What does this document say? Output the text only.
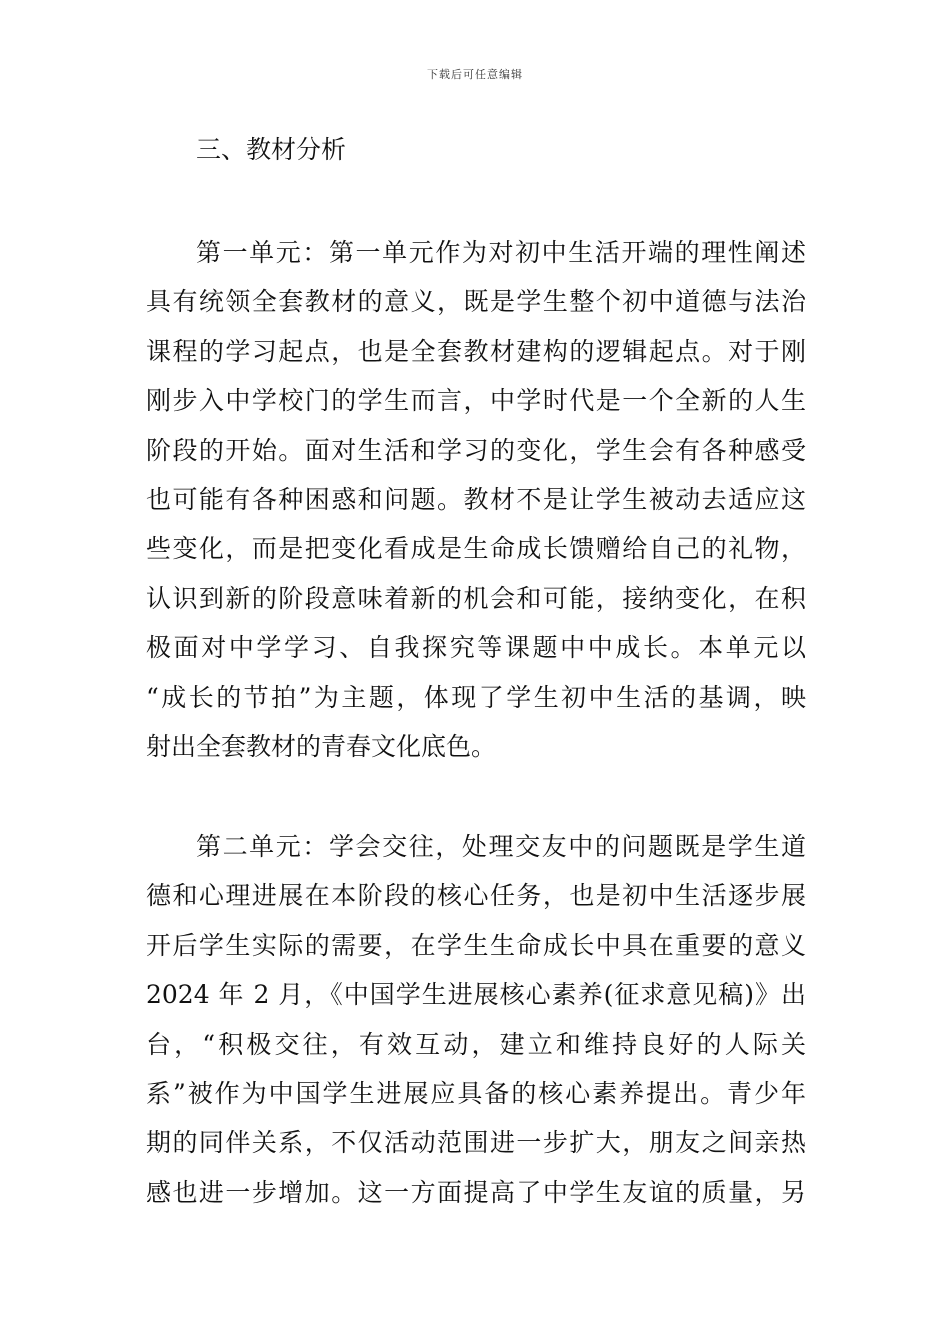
下载后可任意编辑
三、教材分析
第一单元：第一单元作为对初中生活开端的理性阐述
具有统领全套教材的意义，既是学生整个初中道德与法治
课程的学习起点，也是全套教材建构的逻辑起点。对于刚
刚步入中学校门的学生而言，中学时代是一个全新的人生
阶段的开始。面对生活和学习的变化，学生会有各种感受
也可能有各种困惑和问题。教材不是让学生被动去适应这
些变化，而是把变化看成是生命成长馈赠给自己的礼物，
认识到新的阶段意味着新的机会和可能，接纳变化，在积
极面对中学学习、自我探究等课题中中成长。本单元以
“成长的节拍”为主题，体现了学生初中生活的基调，映
射出全套教材的青春文化底色。
第二单元：学会交往，处理交友中的问题既是学生道
德和心理进展在本阶段的核心任务，也是初中生活逐步展
开后学生实际的需要，在学生生命成长中具在重要的意义
2024 年 2 月，《中国学生进展核心素养(征求意见稿)》出
台，“积极交往，有效互动，建立和维持良好的人际关
系”被作为中国学生进展应具备的核心素养提出。青少年
期的同伴关系，不仅活动范围进一步扩大，朋友之间亲热
感也进一步增加。这一方面提高了中学生友谊的质量，另
